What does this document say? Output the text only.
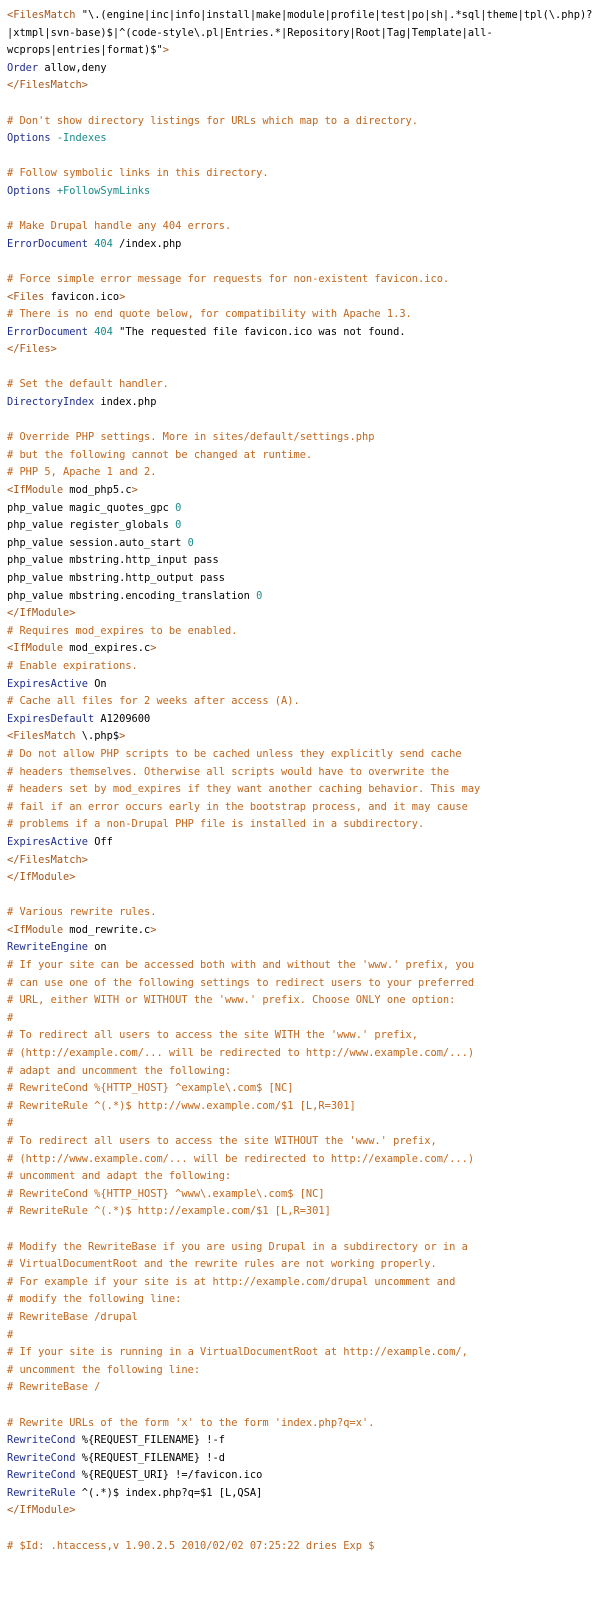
<FilesMatch "\.(engine|inc|info|install|make|module|profile|test|po|sh|.*sql|theme|tpl(\.php)?
|xtmpl|svn-base)$|^(code-style\.pl|Entries.*|Repository|Root|Tag|Template|all-
wcprops|entries|format)$">
Order allow,deny
</FilesMatch>

# Don't show directory listings for URLs which map to a directory.
Options -Indexes

# Follow symbolic links in this directory.
Options +FollowSymLinks

# Make Drupal handle any 404 errors.
ErrorDocument 404 /index.php

# Force simple error message for requests for non-existent favicon.ico.
<Files favicon.ico>
# There is no end quote below, for compatibility with Apache 1.3.
ErrorDocument 404 "The requested file favicon.ico was not found.
</Files>

# Set the default handler.
DirectoryIndex index.php

# Override PHP settings. More in sites/default/settings.php
# but the following cannot be changed at runtime.
# PHP 5, Apache 1 and 2.
<IfModule mod_php5.c>
php_value magic_quotes_gpc 0
php_value register_globals 0
php_value session.auto_start 0
php_value mbstring.http_input pass
php_value mbstring.http_output pass
php_value mbstring.encoding_translation 0
</IfModule>
# Requires mod_expires to be enabled.
<IfModule mod_expires.c>
# Enable expirations.
ExpiresActive On
# Cache all files for 2 weeks after access (A).
ExpiresDefault A1209600
<FilesMatch \.php$>
# Do not allow PHP scripts to be cached unless they explicitly send cache
# headers themselves. Otherwise all scripts would have to overwrite the
# headers set by mod_expires if they want another caching behavior. This may
# fail if an error occurs early in the bootstrap process, and it may cause
# problems if a non-Drupal PHP file is installed in a subdirectory.
ExpiresActive Off
</FilesMatch>
</IfModule>

# Various rewrite rules.
<IfModule mod_rewrite.c>
RewriteEngine on
# If your site can be accessed both with and without the 'www.' prefix, you
# can use one of the following settings to redirect users to your preferred
# URL, either WITH or WITHOUT the 'www.' prefix. Choose ONLY one option:
#
# To redirect all users to access the site WITH the 'www.' prefix,
# (http://example.com/... will be redirected to http://www.example.com/...)
# adapt and uncomment the following:
# RewriteCond %{HTTP_HOST} ^example\.com$ [NC]
# RewriteRule ^(.*)$ http://www.example.com/$1 [L,R=301]
#
# To redirect all users to access the site WITHOUT the 'www.' prefix,
# (http://www.example.com/... will be redirected to http://example.com/...)
# uncomment and adapt the following:
# RewriteCond %{HTTP_HOST} ^www\.example\.com$ [NC]
# RewriteRule ^(.*)$ http://example.com/$1 [L,R=301]

# Modify the RewriteBase if you are using Drupal in a subdirectory or in a
# VirtualDocumentRoot and the rewrite rules are not working properly.
# For example if your site is at http://example.com/drupal uncomment and
# modify the following line:
# RewriteBase /drupal
#
# If your site is running in a VirtualDocumentRoot at http://example.com/,
# uncomment the following line:
# RewriteBase /

# Rewrite URLs of the form 'x' to the form 'index.php?q=x'.
RewriteCond %{REQUEST_FILENAME} !-f
RewriteCond %{REQUEST_FILENAME} !-d
RewriteCond %{REQUEST_URI} !=/favicon.ico
RewriteRule ^(.*)$ index.php?q=$1 [L,QSA]
</IfModule>

# $Id: .htaccess,v 1.90.2.5 2010/02/02 07:25:22 dries Exp $
